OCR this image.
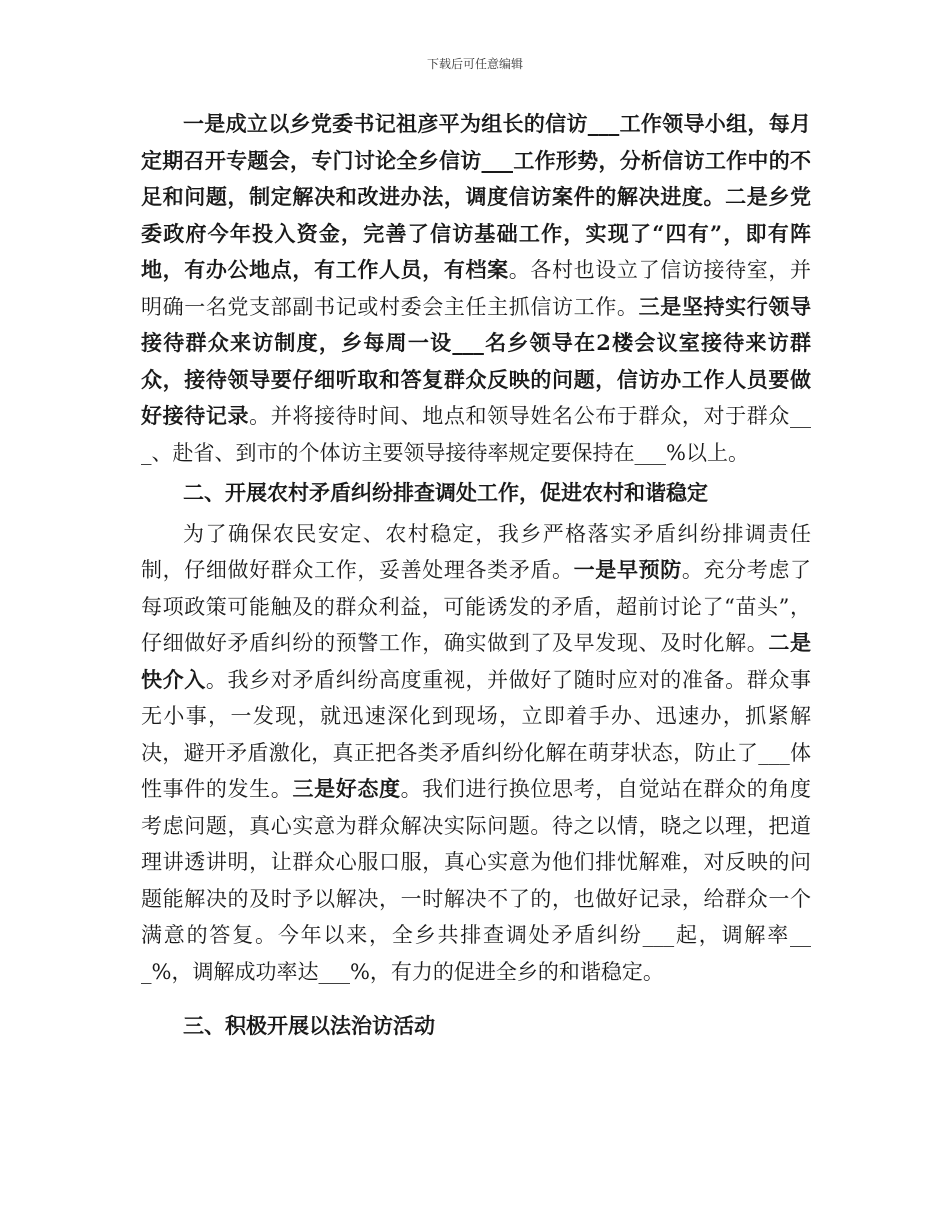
下载后可任意编辑

一是成立以乡党委书记祖彦平为组长的信访___工作领导小组，每月定期召开专题会，专门讨论全乡信访___工作形势，分析信访工作中的不足和问题，制定解决和改进办法，调度信访案件的解决进度。二是乡党委政府今年投入资金，完善了信访基础工作，实现了“四有”，即有阵地，有办公地点，有工作人员，有档案。各村也设立了信访接待室，并明确一名党支部副书记或村委会主任主抓信访工作。三是坚持实行领导接待群众来访制度，乡每周一设___名乡领导在2楼会议室接待来访群众，接待领导要仔细听取和答复群众反映的问题，信访办工作人员要做好接待记录。并将接待时间、地点和领导姓名公布于群众，对于群众___、赴省、到市的个体访主要领导接待率规定要保持在___%以上。

二、开展农村矛盾纠纷排查调处工作，促进农村和谐稳定

为了确保农民安定、农村稳定，我乡严格落实矛盾纠纷排调责任制，仔细做好群众工作，妥善处理各类矛盾。一是早预防。充分考虑了每项政策可能触及的群众利益，可能诱发的矛盾，超前讨论了“苗头”，仔细做好矛盾纠纷的预警工作，确实做到了及早发现、及时化解。二是快介入。我乡对矛盾纠纷高度重视，并做好了随时应对的准备。群众事无小事，一发现，就迅速深化到现场，立即着手办、迅速办，抓紧解决，避开矛盾激化，真正把各类矛盾纠纷化解在萌芽状态，防止了___体性事件的发生。三是好态度。我们进行换位思考，自觉站在群众的角度考虑问题，真心实意为群众解决实际问题。待之以情，晓之以理，把道理讲透讲明，让群众心服口服，真心实意为他们排忧解难，对反映的问题能解决的及时予以解决，一时解决不了的，也做好记录，给群众一个满意的答复。今年以来，全乡共排查调处矛盾纠纷___起，调解率___%，调解成功率达___%，有力的促进全乡的和谐稳定。

三、积极开展以法治访活动
